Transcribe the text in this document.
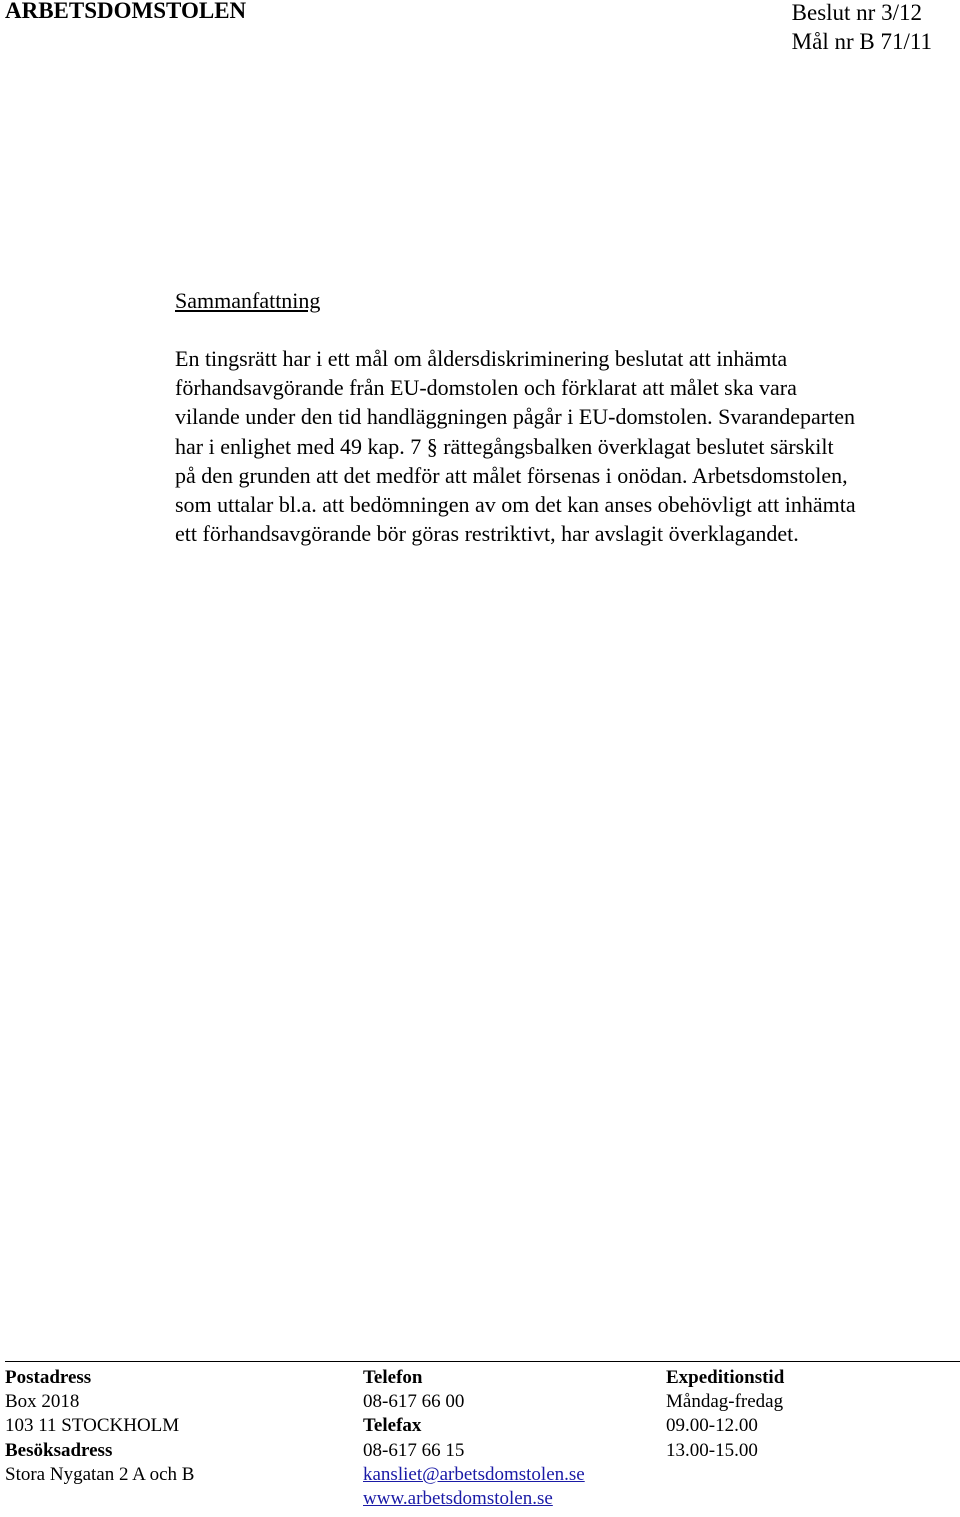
ARBETSDOMSTOLEN	Beslut nr 3/12
Mål nr B 71/11
Sammanfattning

En tingsrätt har i ett mål om åldersdiskriminering beslutat att inhämta
förhandsavgörande från EU-domstolen och förklarat att målet ska vara
vilande under den tid handläggningen pågår i EU-domstolen. Svarandeparten
har i enlighet med 49 kap. 7 § rättegångsbalken överklagat beslutet särskilt
på den grunden att det medför att målet försenas i onödan. Arbetsdomstolen,
som uttalar bl.a. att bedömningen av om det kan anses obehövligt att inhämta
ett förhandsavgörande bör göras restriktivt, har avslagit överklagandet.

Postadress
Box 2018
103 11 STOCKHOLM
Besöksadress
Stora Nygatan 2 A och B
Telefon
08-617 66 00
Telefax
08-617 66 15
kansliet@arbetsdomstolen.se
www.arbetsdomstolen.se
Expeditionstid
Måndag-fredag
09.00-12.00
13.00-15.00
